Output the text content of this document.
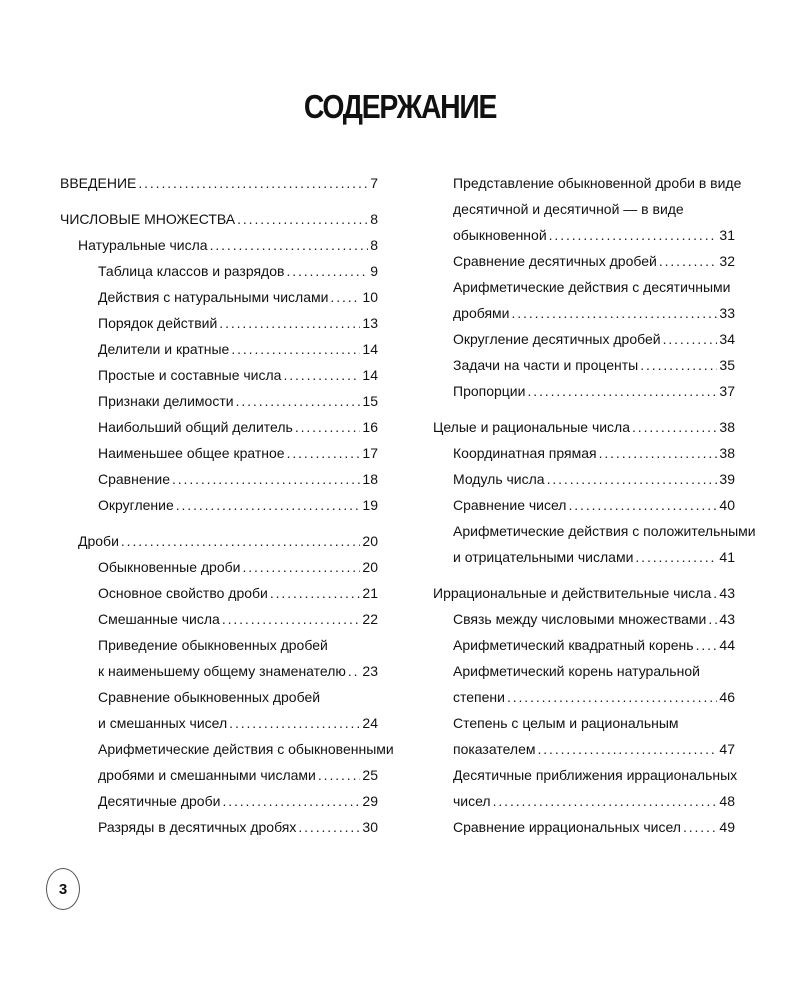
СОДЕРЖАНИЕ
ВВЕДЕНИЕ . . .	7
ЧИСЛОВЫЕ МНОЖЕСТВА . . .	8
Натуральные числа . . .	8
Таблица классов и разрядов . . .	9
Действия с натуральными числами . . . 10
Порядок действий . . .	13
Делители и кратные . . .	14
Простые и составные числа . . .	14
Признаки делимости . . .	15
Наибольший общий делитель . . .	16
Наименьшее общее кратное . . .	17
Сравнение . . .	18
Округление . . .	19
Дроби . . .	20
Обыкновенные дроби . . .	20
Основное свойство дроби . . .	21
Смешанные числа . . .	22
Приведение обыкновенных дробей
к наименьшему общему знаменателю . . . 23
Сравнение обыкновенных дробей
и смешанных чисел . . .	24
Арифметические действия с обыкновенными
дробями и смешанными числами . . .	25
Десятичные дроби . . .	29
Разряды в десятичных дробях . . .	30
Представление обыкновенной дроби в виде
десятичной и десятичной — в виде
обыкновенной . . .	31
Сравнение десятичных дробей . . .	32
Арифметические действия с десятичными
дробями . . .	33
Округление десятичных дробей . . .	34
Задачи на части и проценты . . .	35
Пропорции . . .	37
Целые и рациональные числа . . .	38
Координатная прямая . . .	38
Модуль числа . . .	39
Сравнение чисел . . .	40
Арифметические действия с положительными
и отрицательными числами . . .	41
Иррациональные и действительные числа . . . 43
Связь между числовыми множествами . . . 43
Арифметический квадратный корень . . . 44
Арифметический корень натуральной
степени . . .	46
Степень с целым и рациональным
показателем . . .	47
Десятичные приближения иррациональных
чисел . . .	48
Сравнение иррациональных чисел . . .	49
3
